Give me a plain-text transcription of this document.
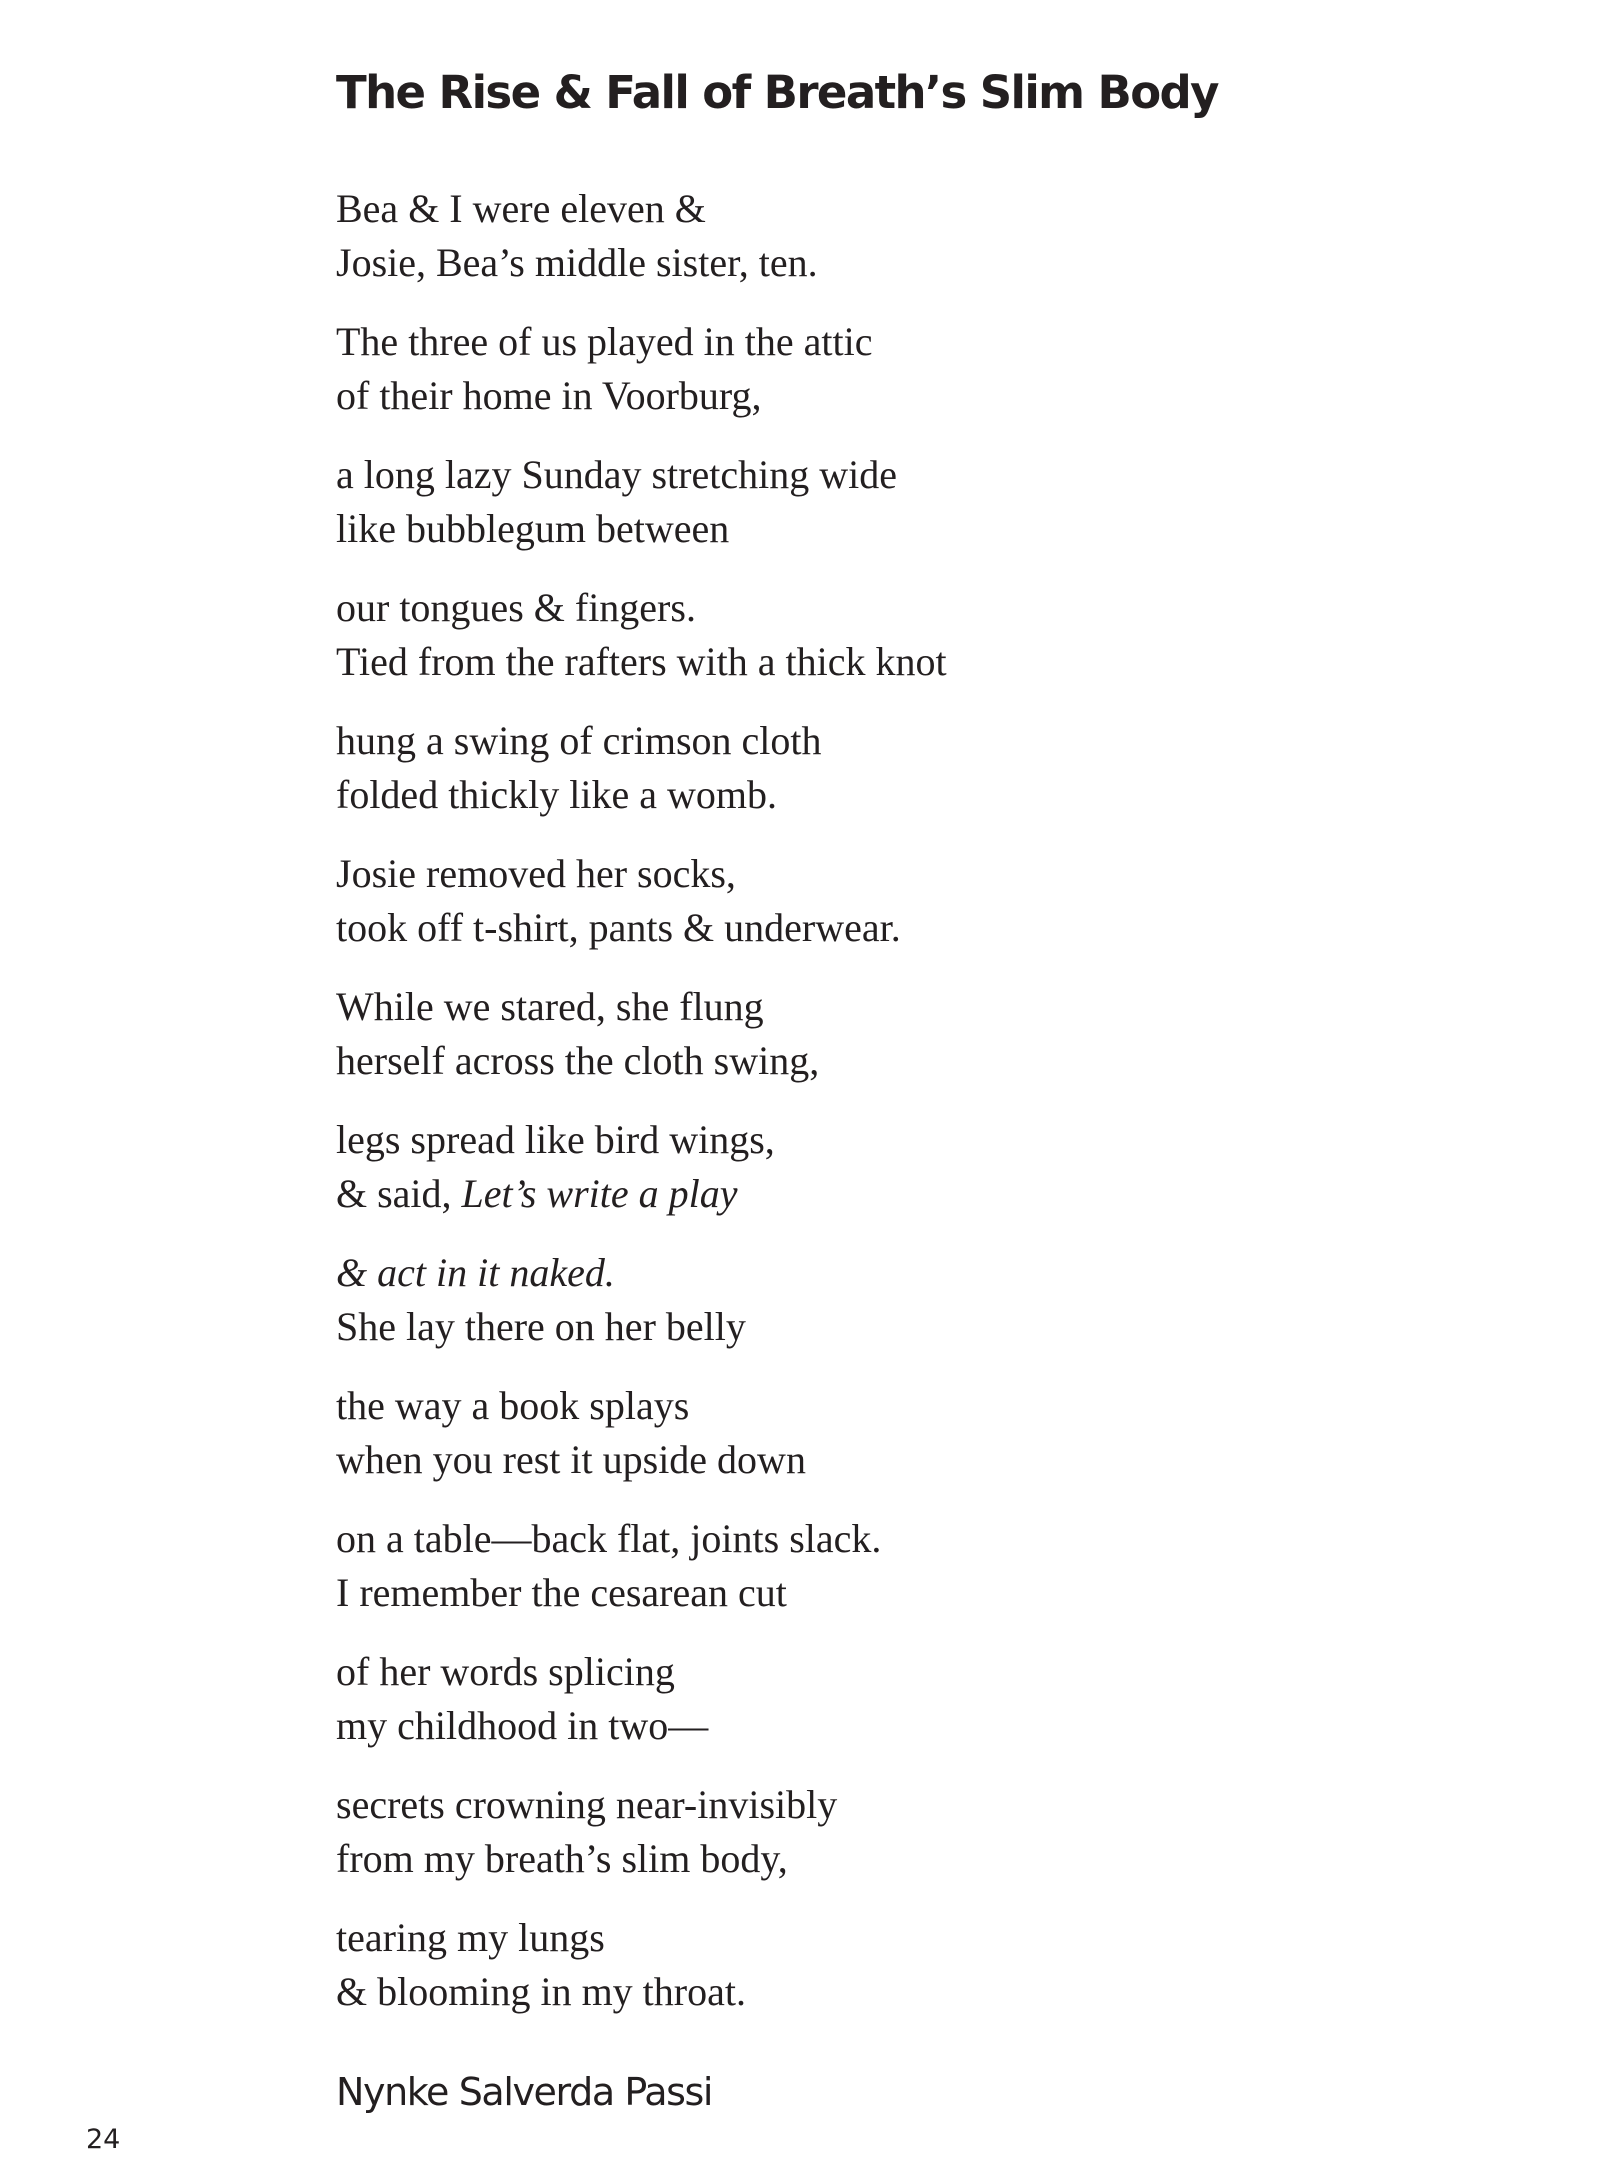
The Rise & Fall of Breath’s Slim Body
Bea & I were eleven &
Josie, Bea’s middle sister, ten.
The three of us played in the attic
of their home in Voorburg,
a long lazy Sunday stretching wide
like bubblegum between
our tongues & fingers.
Tied from the rafters with a thick knot
hung a swing of crimson cloth
folded thickly like a womb.
Josie removed her socks,
took off t-shirt, pants & underwear.
While we stared, she flung
herself across the cloth swing,
legs spread like bird wings,
& said, Let’s write a play
& act in it naked.
She lay there on her belly
the way a book splays
when you rest it upside down
on a table—back flat, joints slack.
I remember the cesarean cut
of her words splicing
my childhood in two—
secrets crowning near-invisibly
from my breath’s slim body,
tearing my lungs
& blooming in my throat.

Nynke Salverda Passi

24
